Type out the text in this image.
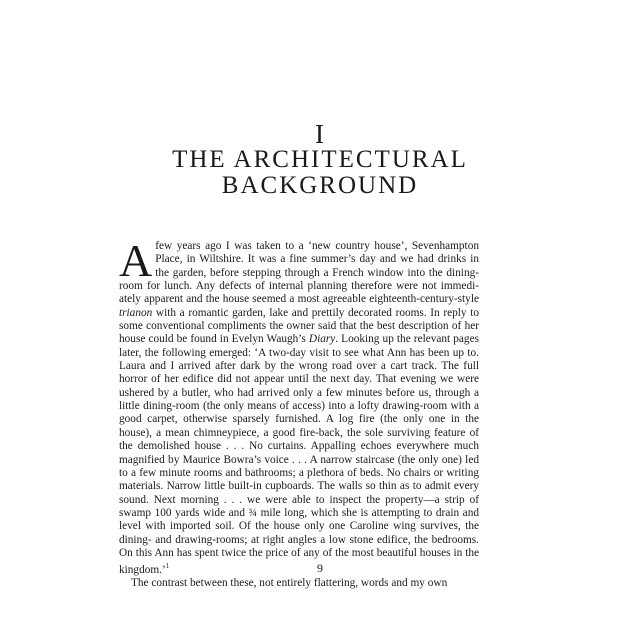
I
THE ARCHITECTURAL
BACKGROUND

Afew years ago I was taken to a ‘new country house’, Sevenhampton Place, in Wiltshire. It was a fine summer’s day and we had drinks in the garden, before stepping through a French window into the dining-room for lunch. Any defects of internal planning therefore were not immediately apparent and the house seemed a most agreeable eighteenth-century-style trianon with a romantic garden, lake and prettily decorated rooms. In reply to some conventional compliments the owner said that the best description of her house could be found in Evelyn Waugh’s Diary. Looking up the relevant pages later, the following emerged: ‘A two-day visit to see what Ann has been up to. Laura and I arrived after dark by the wrong road over a cart track. The full horror of her edifice did not appear until the next day. That evening we were ushered by a butler, who had arrived only a few minutes before us, through a little dining-room (the only means of access) into a lofty drawing-room with a good carpet, otherwise sparsely furnished. A log fire (the only one in the house), a mean chimneypiece, a good fire-back, the sole surviving feature of the demolished house . . . No curtains. Appalling echoes everywhere much magnified by Maurice Bowra’s voice . . . A narrow staircase (the only one) led to a few minute rooms and bathrooms; a plethora of beds. No chairs or writing materials. Narrow little built-in cupboards. The walls so thin as to admit every sound. Next morning . . . we were able to inspect the property—a strip of swamp 100 yards wide and ¾ mile long, which she is attempting to drain and level with imported soil. Of the house only one Caroline wing survives, the dining- and drawing-rooms; at right angles a low stone edifice, the bedrooms. On this Ann has spent twice the price of any of the most beautiful houses in the kingdom.’$^1$

The contrast between these, not entirely flattering, words and my own

9
